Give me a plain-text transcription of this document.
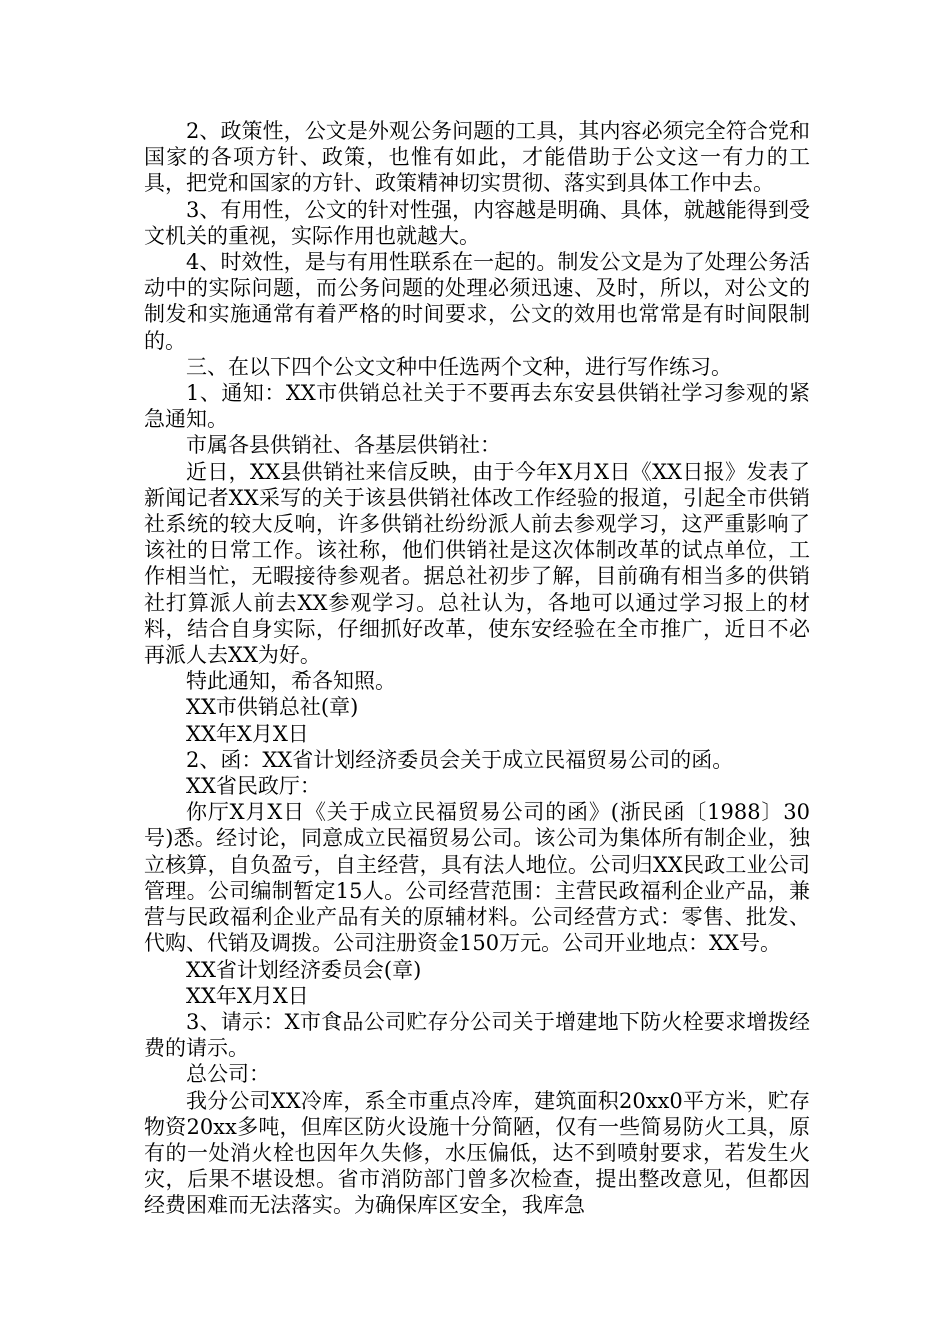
2、政策性，公文是外观公务问题的工具，其内容必须完全符合党和国家的各项方针、政策，也惟有如此，才能借助于公文这一有力的工具，把党和国家的方针、政策精神切实贯彻、落实到具体工作中去。

3、有用性，公文的针对性强，内容越是明确、具体，就越能得到受文机关的重视，实际作用也就越大。

4、时效性，是与有用性联系在一起的。制发公文是为了处理公务活动中的实际问题，而公务问题的处理必须迅速、及时，所以，对公文的制发和实施通常有着严格的时间要求，公文的效用也常常是有时间限制的。

三、在以下四个公文文种中任选两个文种，进行写作练习。

1、通知：XX市供销总社关于不要再去东安县供销社学习参观的紧急通知。

市属各县供销社、各基层供销社：

近日，XX县供销社来信反映，由于今年X月X日《XX日报》发表了新闻记者XX采写的关于该县供销社体改工作经验的报道，引起全市供销社系统的较大反响，许多供销社纷纷派人前去参观学习，这严重影响了该社的日常工作。该社称，他们供销社是这次体制改革的试点单位，工作相当忙，无暇接待参观者。据总社初步了解，目前确有相当多的供销社打算派人前去XX参观学习。总社认为，各地可以通过学习报上的材料，结合自身实际，仔细抓好改革，使东安经验在全市推广，近日不必再派人去XX为好。

特此通知，希各知照。

XX市供销总社(章)

XX年X月X日

2、函：XX省计划经济委员会关于成立民福贸易公司的函。

XX省民政厅：

你厅X月X日《关于成立民福贸易公司的函》(浙民函〔1988〕30号)悉。经讨论，同意成立民福贸易公司。该公司为集体所有制企业，独立核算，自负盈亏，自主经营，具有法人地位。公司归XX民政工业公司管理。公司编制暂定15人。公司经营范围：主营民政福利企业产品，兼营与民政福利企业产品有关的原辅材料。公司经营方式：零售、批发、代购、代销及调拨。公司注册资金150万元。公司开业地点：XX号。

XX省计划经济委员会(章)

XX年X月X日

3、请示：X市食品公司贮存分公司关于增建地下防火栓要求增拨经费的请示。

总公司：

我分公司XX冷库，系全市重点冷库，建筑面积20xx0平方米，贮存物资20xx多吨，但库区防火设施十分简陋，仅有一些简易防火工具，原有的一处消火栓也因年久失修，水压偏低，达不到喷射要求，若发生火灾，后果不堪设想。省市消防部门曾多次检查，提出整改意见，但都因经费困难而无法落实。为确保库区安全，我库急
